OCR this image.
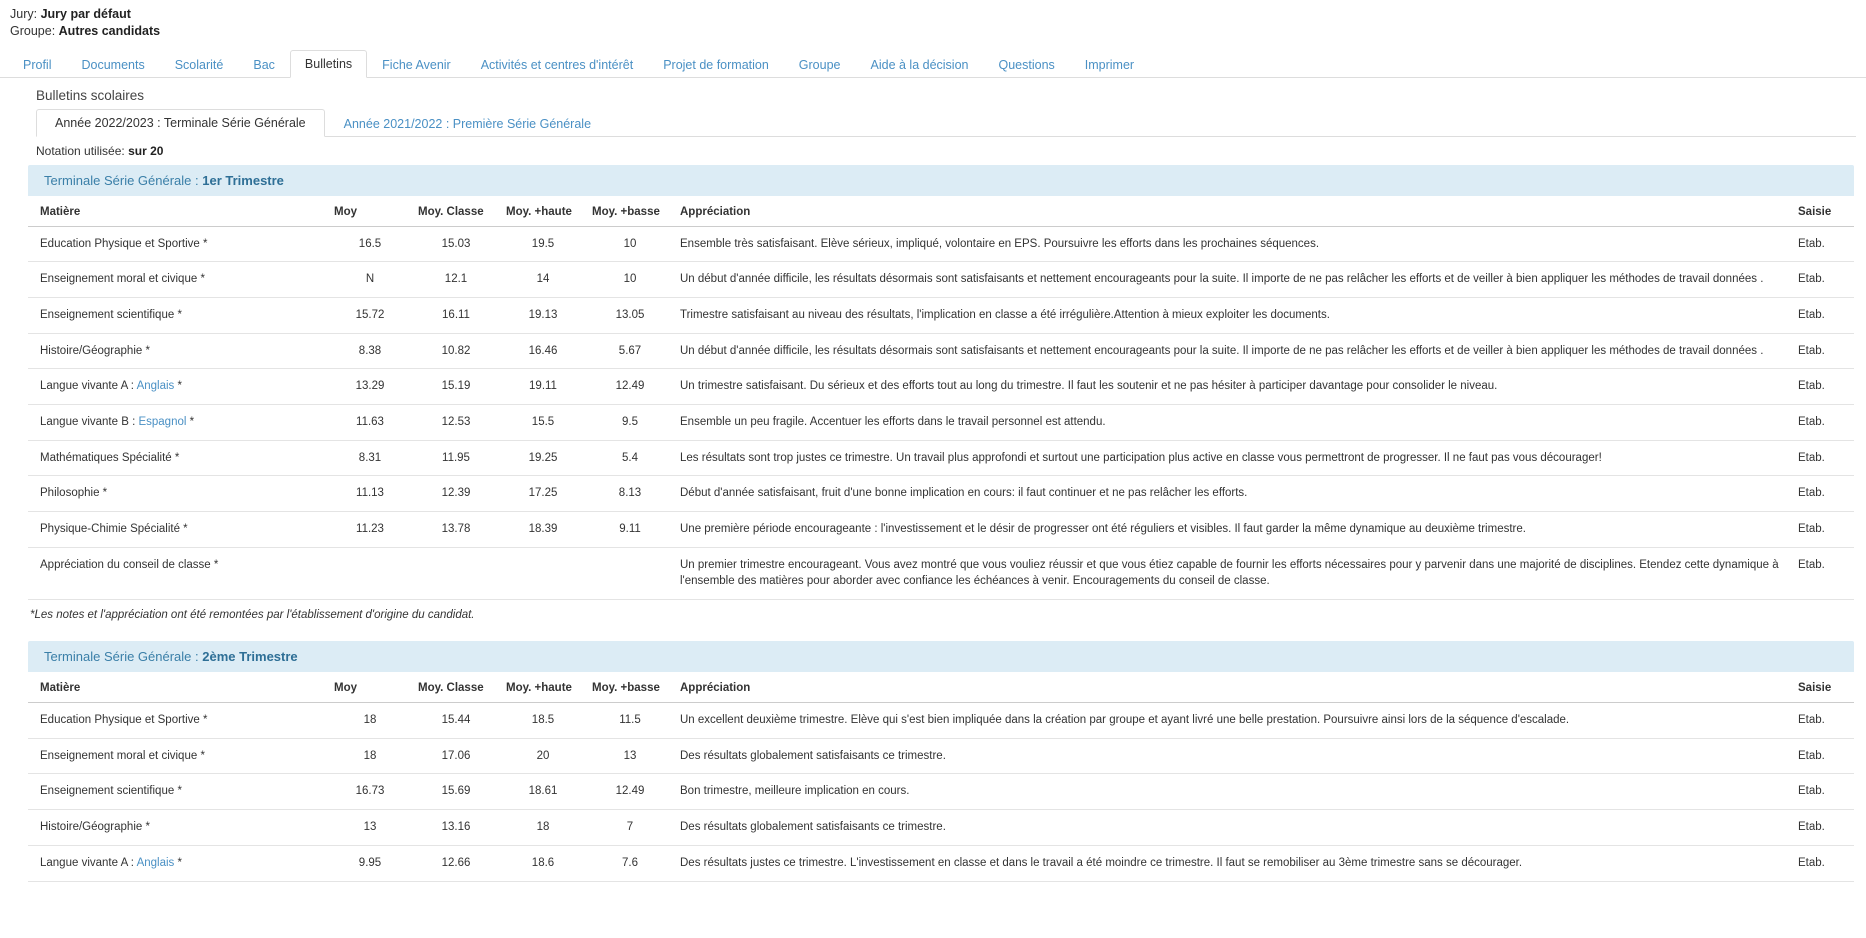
Jury: Jury par défaut
Groupe: Autres candidats
Profil	Documents	Scolarité	Bac	Bulletins	Fiche Avenir	Activités et centres d'intérêt	Projet de formation	Groupe	Aide à la décision	Questions	Imprimer
Bulletins scolaires
Année 2022/2023 : Terminale Série Générale	Année 2021/2022 : Première Série Générale
Notation utilisée: sur 20
Terminale Série Générale : 1er Trimestre
Matière	Moy	Moy. Classe	Moy. +haute	Moy. +basse	Appréciation	Saisie
Education Physique et Sportive *	16.5	15.03	19.5	10	Ensemble très satisfaisant. Elève sérieux, impliqué, volontaire en EPS. Poursuivre les efforts dans les prochaines séquences.	Etab.
Enseignement moral et civique *	N	12.1	14	10	Un début d'année difficile, les résultats désormais sont satisfaisants et nettement encourageants pour la suite. Il importe de ne pas relâcher les efforts et de veiller à bien appliquer les méthodes de travail données .	Etab.
Enseignement scientifique *	15.72	16.11	19.13	13.05	Trimestre satisfaisant au niveau des résultats, l'implication en classe a été irrégulière.Attention à mieux exploiter les documents.	Etab.
Histoire/Géographie *	8.38	10.82	16.46	5.67	Un début d'année difficile, les résultats désormais sont satisfaisants et nettement encourageants pour la suite. Il importe de ne pas relâcher les efforts et de veiller à bien appliquer les méthodes de travail données .	Etab.
Langue vivante A : Anglais *	13.29	15.19	19.11	12.49	Un trimestre satisfaisant. Du sérieux et des efforts tout au long du trimestre. Il faut les soutenir et ne pas hésiter à participer davantage pour consolider le niveau.	Etab.
Langue vivante B : Espagnol *	11.63	12.53	15.5	9.5	Ensemble un peu fragile. Accentuer les efforts dans le travail personnel est attendu.	Etab.
Mathématiques Spécialité *	8.31	11.95	19.25	5.4	Les résultats sont trop justes ce trimestre. Un travail plus approfondi et surtout une participation plus active en classe vous permettront de progresser. Il ne faut pas vous décourager!	Etab.
Philosophie *	11.13	12.39	17.25	8.13	Début d'année satisfaisant, fruit d'une bonne implication en cours: il faut continuer et ne pas relâcher les efforts.	Etab.
Physique-Chimie Spécialité *	11.23	13.78	18.39	9.11	Une première période encourageante : l'investissement et le désir de progresser ont été réguliers et visibles. Il faut garder la même dynamique au deuxième trimestre.	Etab.
Appréciation du conseil de classe *					Un premier trimestre encourageant. Vous avez montré que vous vouliez réussir et que vous étiez capable de fournir les efforts nécessaires pour y parvenir dans une majorité de disciplines. Etendez cette dynamique à l'ensemble des matières pour aborder avec confiance les échéances à venir. Encouragements du conseil de classe.	Etab.
*Les notes et l'appréciation ont été remontées par l'établissement d'origine du candidat.
Terminale Série Générale : 2ème Trimestre
Matière	Moy	Moy. Classe	Moy. +haute	Moy. +basse	Appréciation	Saisie
Education Physique et Sportive *	18	15.44	18.5	11.5	Un excellent deuxième trimestre. Elève qui s'est bien impliquée dans la création par groupe et ayant livré une belle prestation. Poursuivre ainsi lors de la séquence d'escalade.	Etab.
Enseignement moral et civique *	18	17.06	20	13	Des résultats globalement satisfaisants ce trimestre.	Etab.
Enseignement scientifique *	16.73	15.69	18.61	12.49	Bon trimestre, meilleure implication en cours.	Etab.
Histoire/Géographie *	13	13.16	18	7	Des résultats globalement satisfaisants ce trimestre.	Etab.
Langue vivante A : Anglais *	9.95	12.66	18.6	7.6	Des résultats justes ce trimestre. L'investissement en classe et dans le travail a été moindre ce trimestre. Il faut se remobiliser au 3ème trimestre sans se décourager.	Etab.
